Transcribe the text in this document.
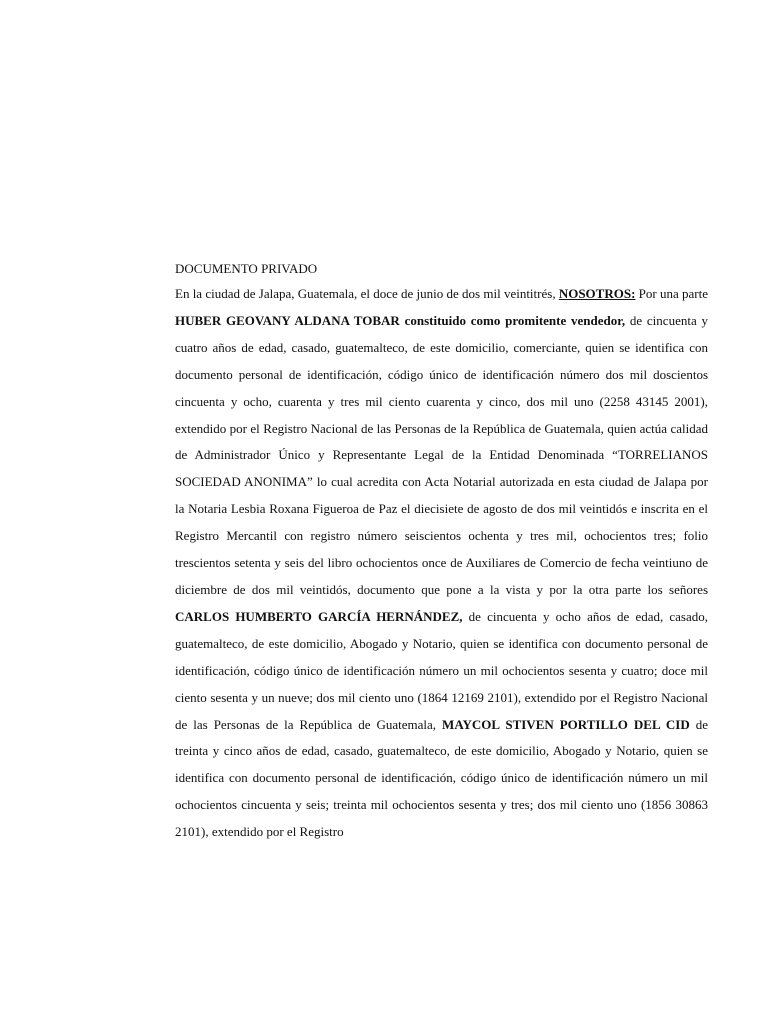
DOCUMENTO PRIVADO

En la ciudad de Jalapa, Guatemala, el doce de junio de dos mil veintitrés, NOSOTROS: Por una parte HUBER GEOVANY ALDANA TOBAR constituido como promitente vendedor, de cincuenta y cuatro años de edad, casado, guatemalteco, de este domicilio, comerciante, quien se identifica con documento personal de identificación, código único de identificación número dos mil doscientos cincuenta y ocho, cuarenta y tres mil ciento cuarenta y cinco, dos mil uno (2258 43145 2001), extendido por el Registro Nacional de las Personas de la República de Guatemala, quien actúa calidad de Administrador Único y Representante Legal de la Entidad Denominada “TORRELIANOS SOCIEDAD ANONIMA” lo cual acredita con Acta Notarial autorizada en esta ciudad de Jalapa por la Notaria Lesbia Roxana Figueroa de Paz el diecisiete de agosto de dos mil veintidós e inscrita en el Registro Mercantil con registro número seiscientos ochenta y tres mil, ochocientos tres; folio trescientos setenta y seis del libro ochocientos once de Auxiliares de Comercio de fecha veintiuno de diciembre de dos mil veintidós, documento que pone a la vista y por la otra parte los señores CARLOS HUMBERTO GARCÍA HERNÁNDEZ, de cincuenta y ocho años de edad, casado, guatemalteco, de este domicilio, Abogado y Notario, quien se identifica con documento personal de identificación, código único de identificación número un mil ochocientos sesenta y cuatro; doce mil ciento sesenta y un nueve; dos mil ciento uno (1864 12169 2101), extendido por el Registro Nacional de las Personas de la República de Guatemala, MAYCOL STIVEN PORTILLO DEL CID de treinta y cinco años de edad, casado, guatemalteco, de este domicilio, Abogado y Notario, quien se identifica con documento personal de identificación, código único de identificación número un mil ochocientos cincuenta y seis; treinta mil ochocientos sesenta y tres; dos mil ciento uno (1856 30863 2101), extendido por el Registro
